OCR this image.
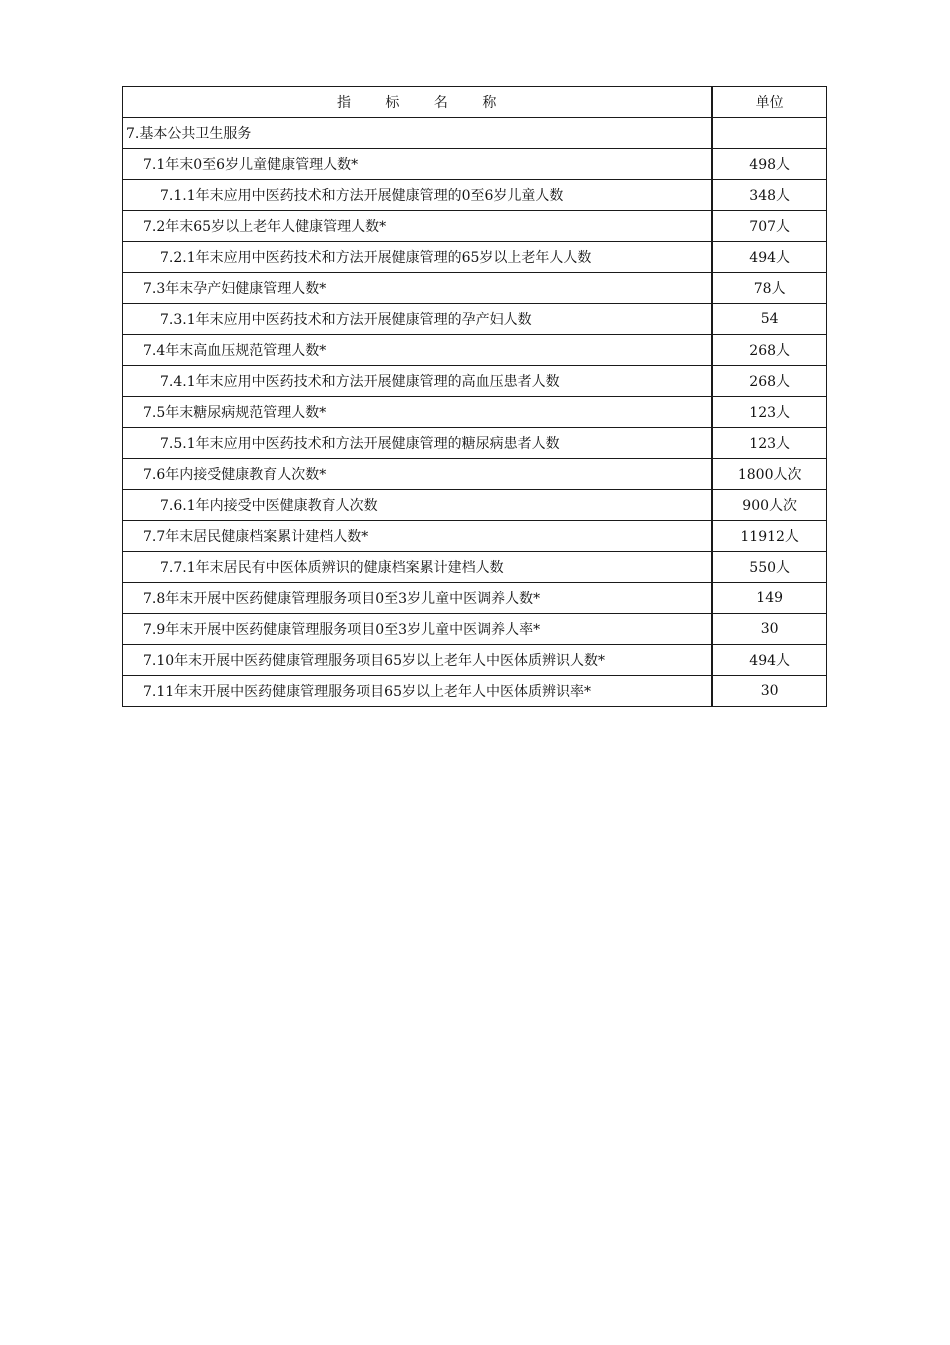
指 标 名 称	单位
7.基本公共卫生服务	
7.1年末0至6岁儿童健康管理人数*	498人
7.1.1年末应用中医药技术和方法开展健康管理的0至6岁儿童人数	348人
7.2年末65岁以上老年人健康管理人数*	707人
7.2.1年末应用中医药技术和方法开展健康管理的65岁以上老年人人数	494人
7.3年末孕产妇健康管理人数*	78人
7.3.1年末应用中医药技术和方法开展健康管理的孕产妇人数	54
7.4年末高血压规范管理人数*	268人
7.4.1年末应用中医药技术和方法开展健康管理的高血压患者人数	268人
7.5年末糖尿病规范管理人数*	123人
7.5.1年末应用中医药技术和方法开展健康管理的糖尿病患者人数	123人
7.6年内接受健康教育人次数*	1800人次
7.6.1年内接受中医健康教育人次数	900人次
7.7年末居民健康档案累计建档人数*	11912人
7.7.1年末居民有中医体质辨识的健康档案累计建档人数	550人
7.8年末开展中医药健康管理服务项目0至3岁儿童中医调养人数*	149
7.9年末开展中医药健康管理服务项目0至3岁儿童中医调养人率*	30
7.10年末开展中医药健康管理服务项目65岁以上老年人中医体质辨识人数*	494人
7.11年末开展中医药健康管理服务项目65岁以上老年人中医体质辨识率*	30
